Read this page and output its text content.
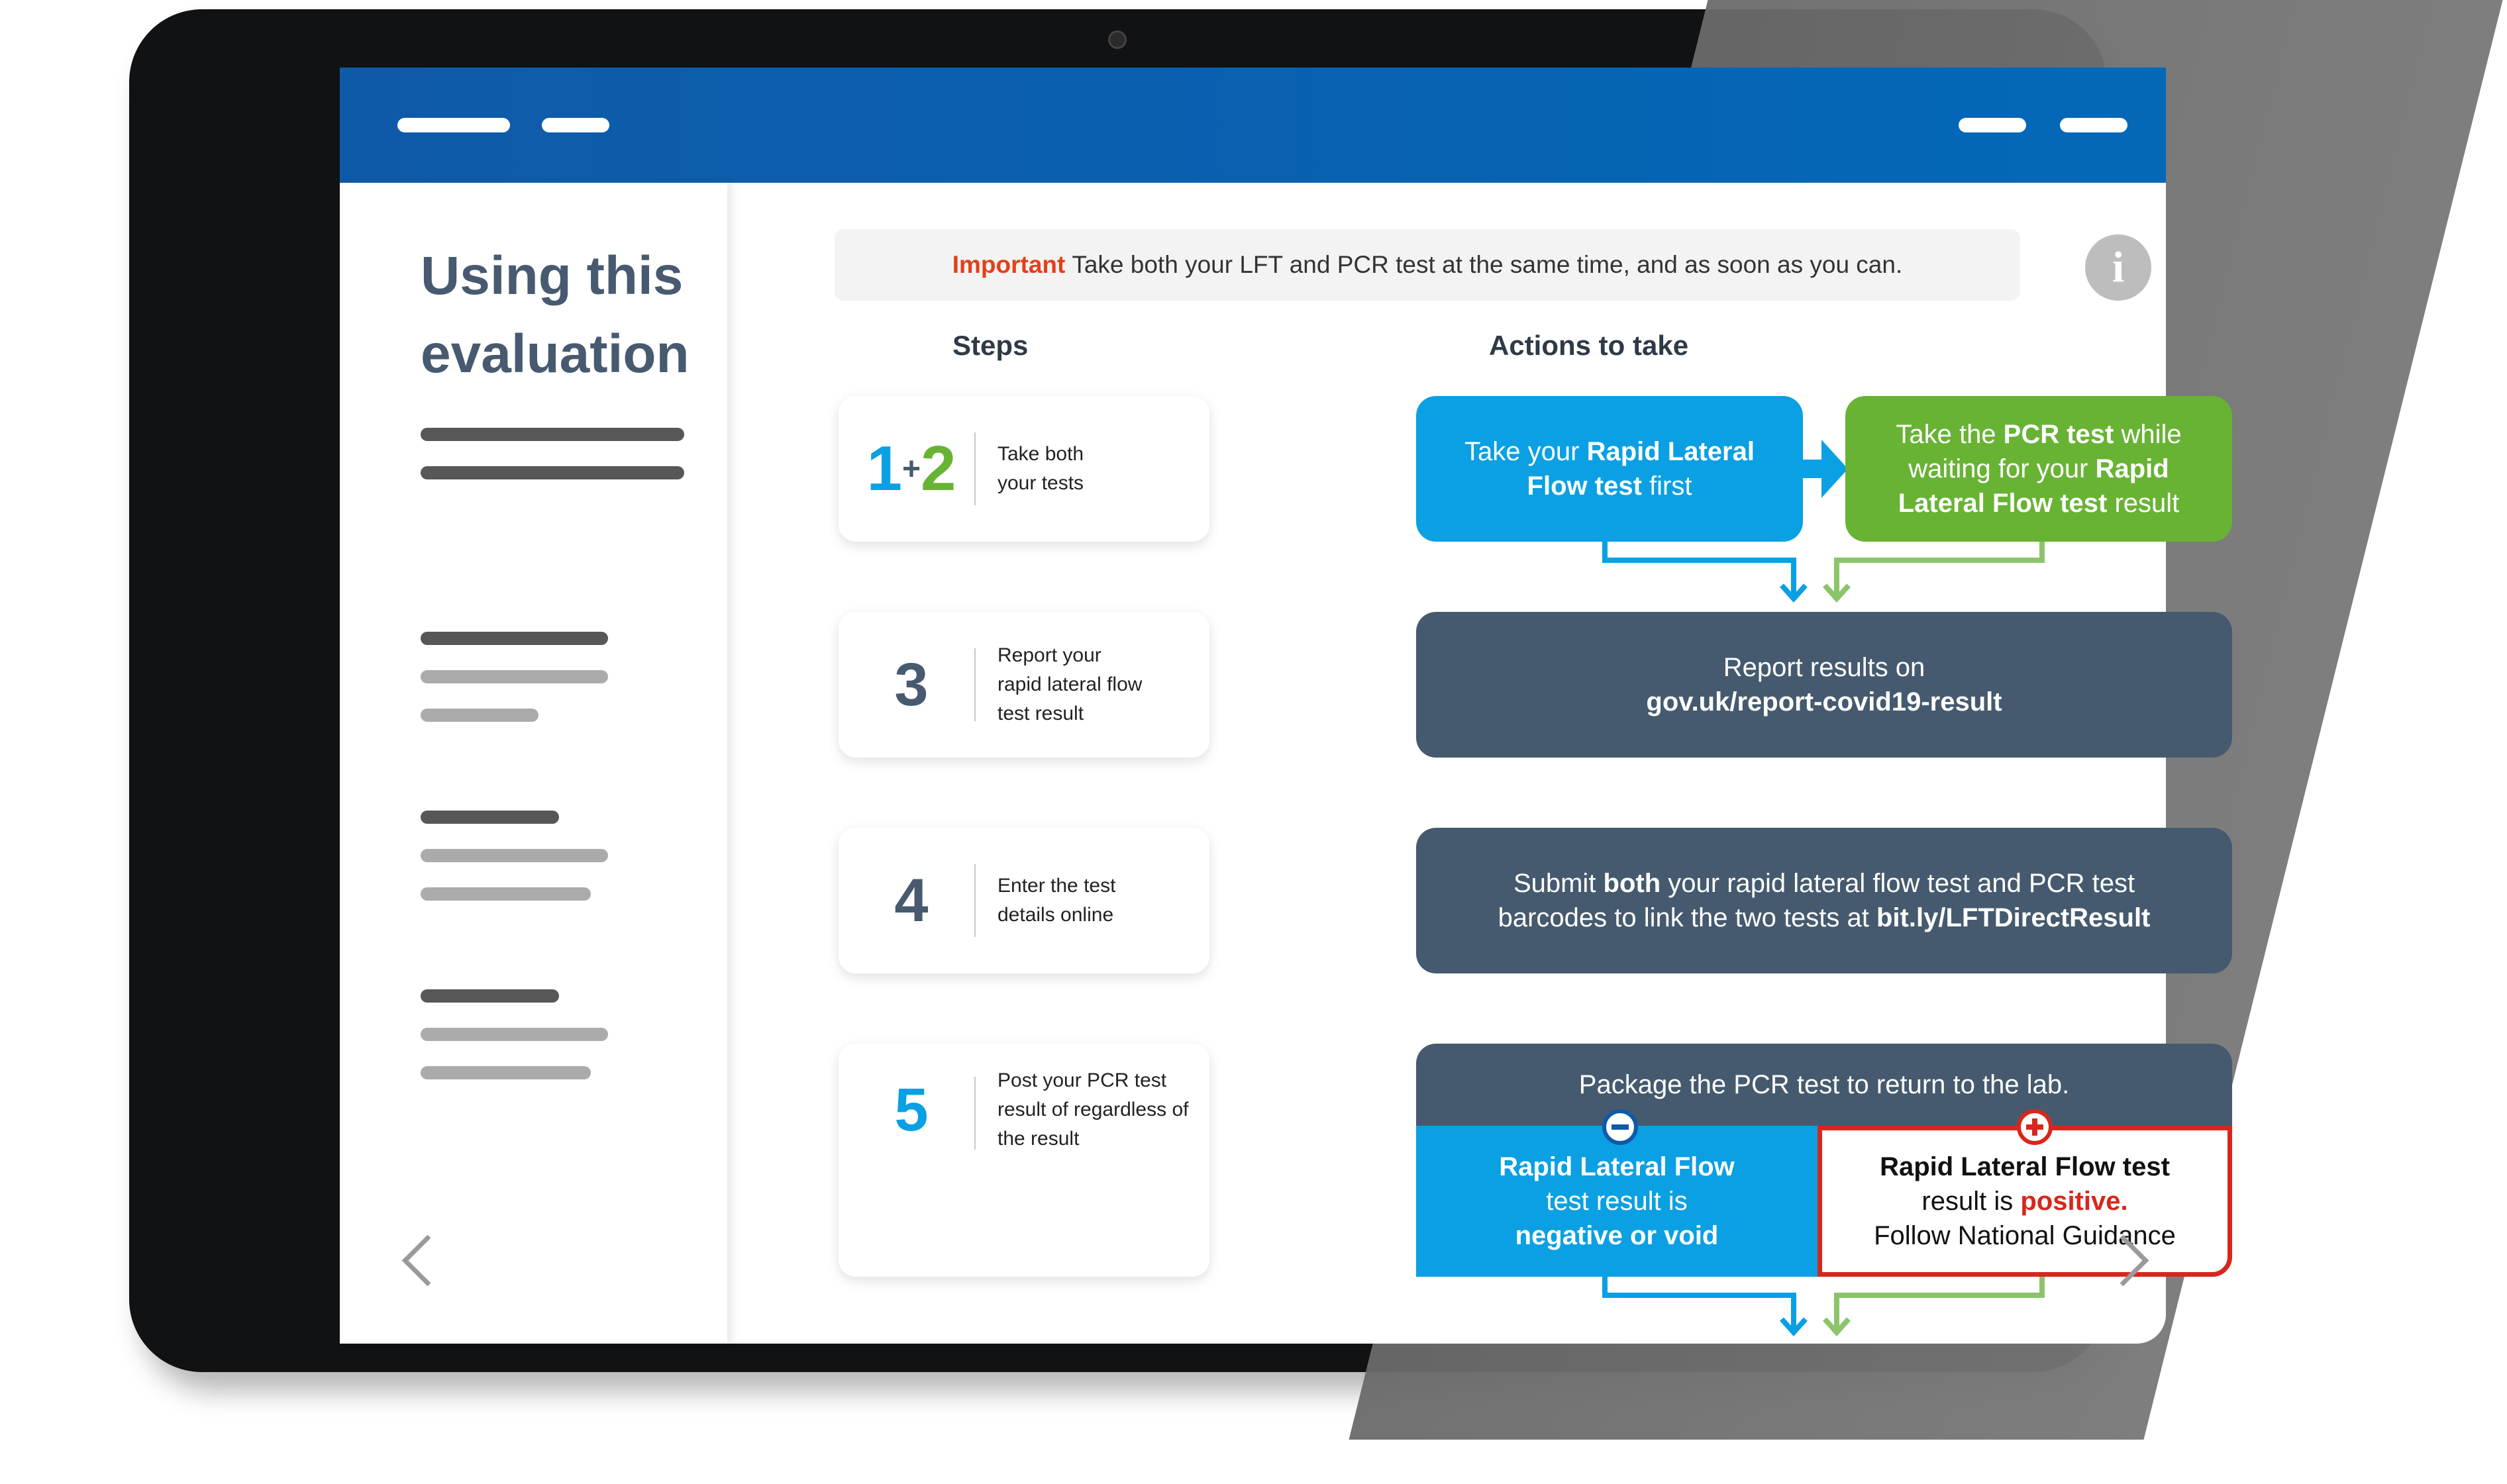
Using this
evaluation
Important Take both your LFT and PCR test at the same time, and as soon as you can.	i
Steps	Actions to take
1 + 2 Take both your tests
Take your Rapid Lateral Flow test first
Take the PCR test while waiting for your Rapid Lateral Flow test result
3	Report your rapid lateral flow test result
Report results on
gov.uk/report-covid19-result
4	Enter the test details online
Submit both your rapid lateral flow test and PCR test barcodes to link the two tests at bit.ly/LFTDirectResult
5	Post your PCR test result of regardless of the result
Package the PCR test to return to the lab.
Rapid Lateral Flow
test result is
negative or void
Rapid Lateral Flow test
result is positive.
Follow National Guidance
